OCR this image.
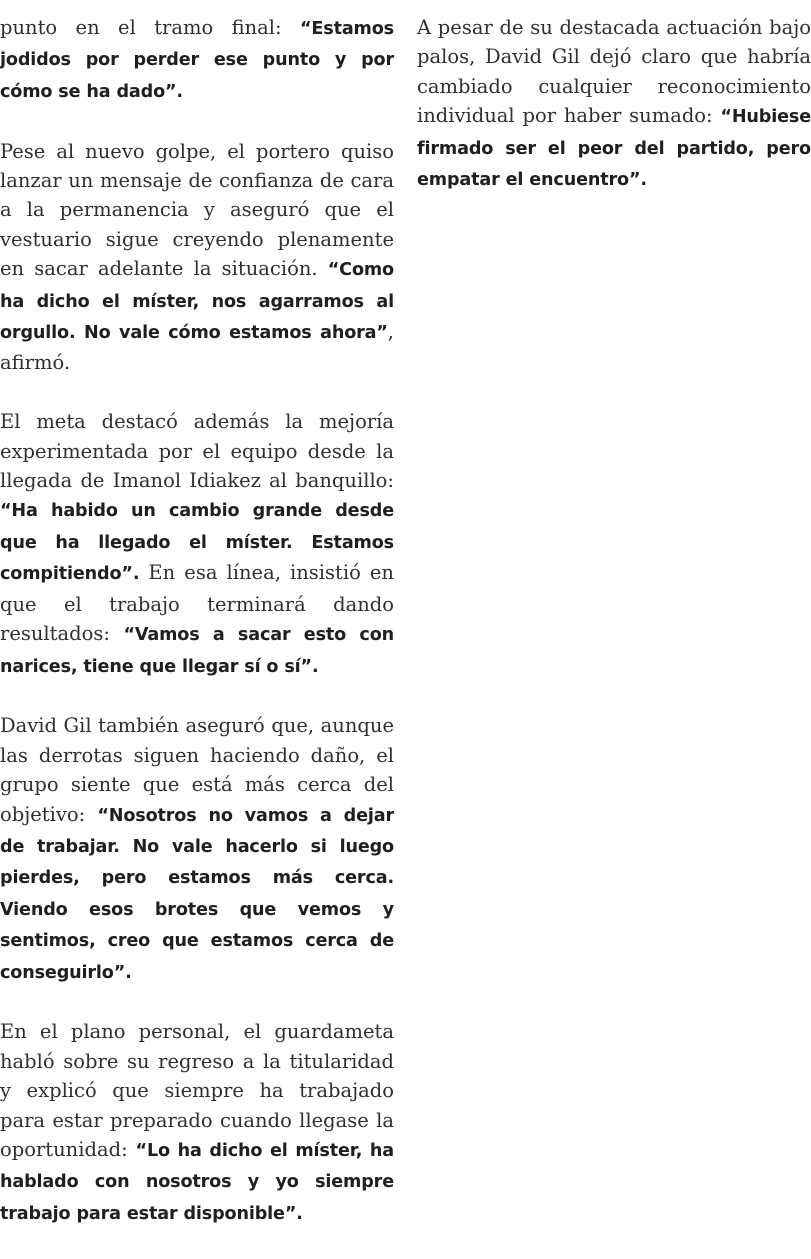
punto en el tramo final: “Estamos jodidos por perder ese punto y por cómo se ha dado”.

Pese al nuevo golpe, el portero quiso lanzar un mensaje de confianza de cara a la permanencia y aseguró que el vestuario sigue creyendo plenamente en sacar adelante la situación. “Como ha dicho el míster, nos agarramos al orgullo. No vale cómo estamos ahora”, afirmó.

El meta destacó además la mejoría experimentada por el equipo desde la llegada de Imanol Idiakez al banquillo: “Ha habido un cambio grande desde que ha llegado el míster. Estamos compitiendo”. En esa línea, insistió en que el trabajo terminará dando resultados: “Vamos a sacar esto con narices, tiene que llegar sí o sí”.

David Gil también aseguró que, aunque las derrotas siguen haciendo daño, el grupo siente que está más cerca del objetivo: “Nosotros no vamos a dejar de trabajar. No vale hacerlo si luego pierdes, pero estamos más cerca. Viendo esos brotes que vemos y sentimos, creo que estamos cerca de conseguirlo”.

En el plano personal, el guardameta habló sobre su regreso a la titularidad y explicó que siempre ha trabajado para estar preparado cuando llegase la oportunidad: “Lo ha dicho el míster, ha hablado con nosotros y yo siempre trabajo para estar disponible”.

A pesar de su destacada actuación bajo palos, David Gil dejó claro que habría cambiado cualquier reconocimiento individual por haber sumado: “Hubiese firmado ser el peor del partido, pero empatar el encuentro”.
